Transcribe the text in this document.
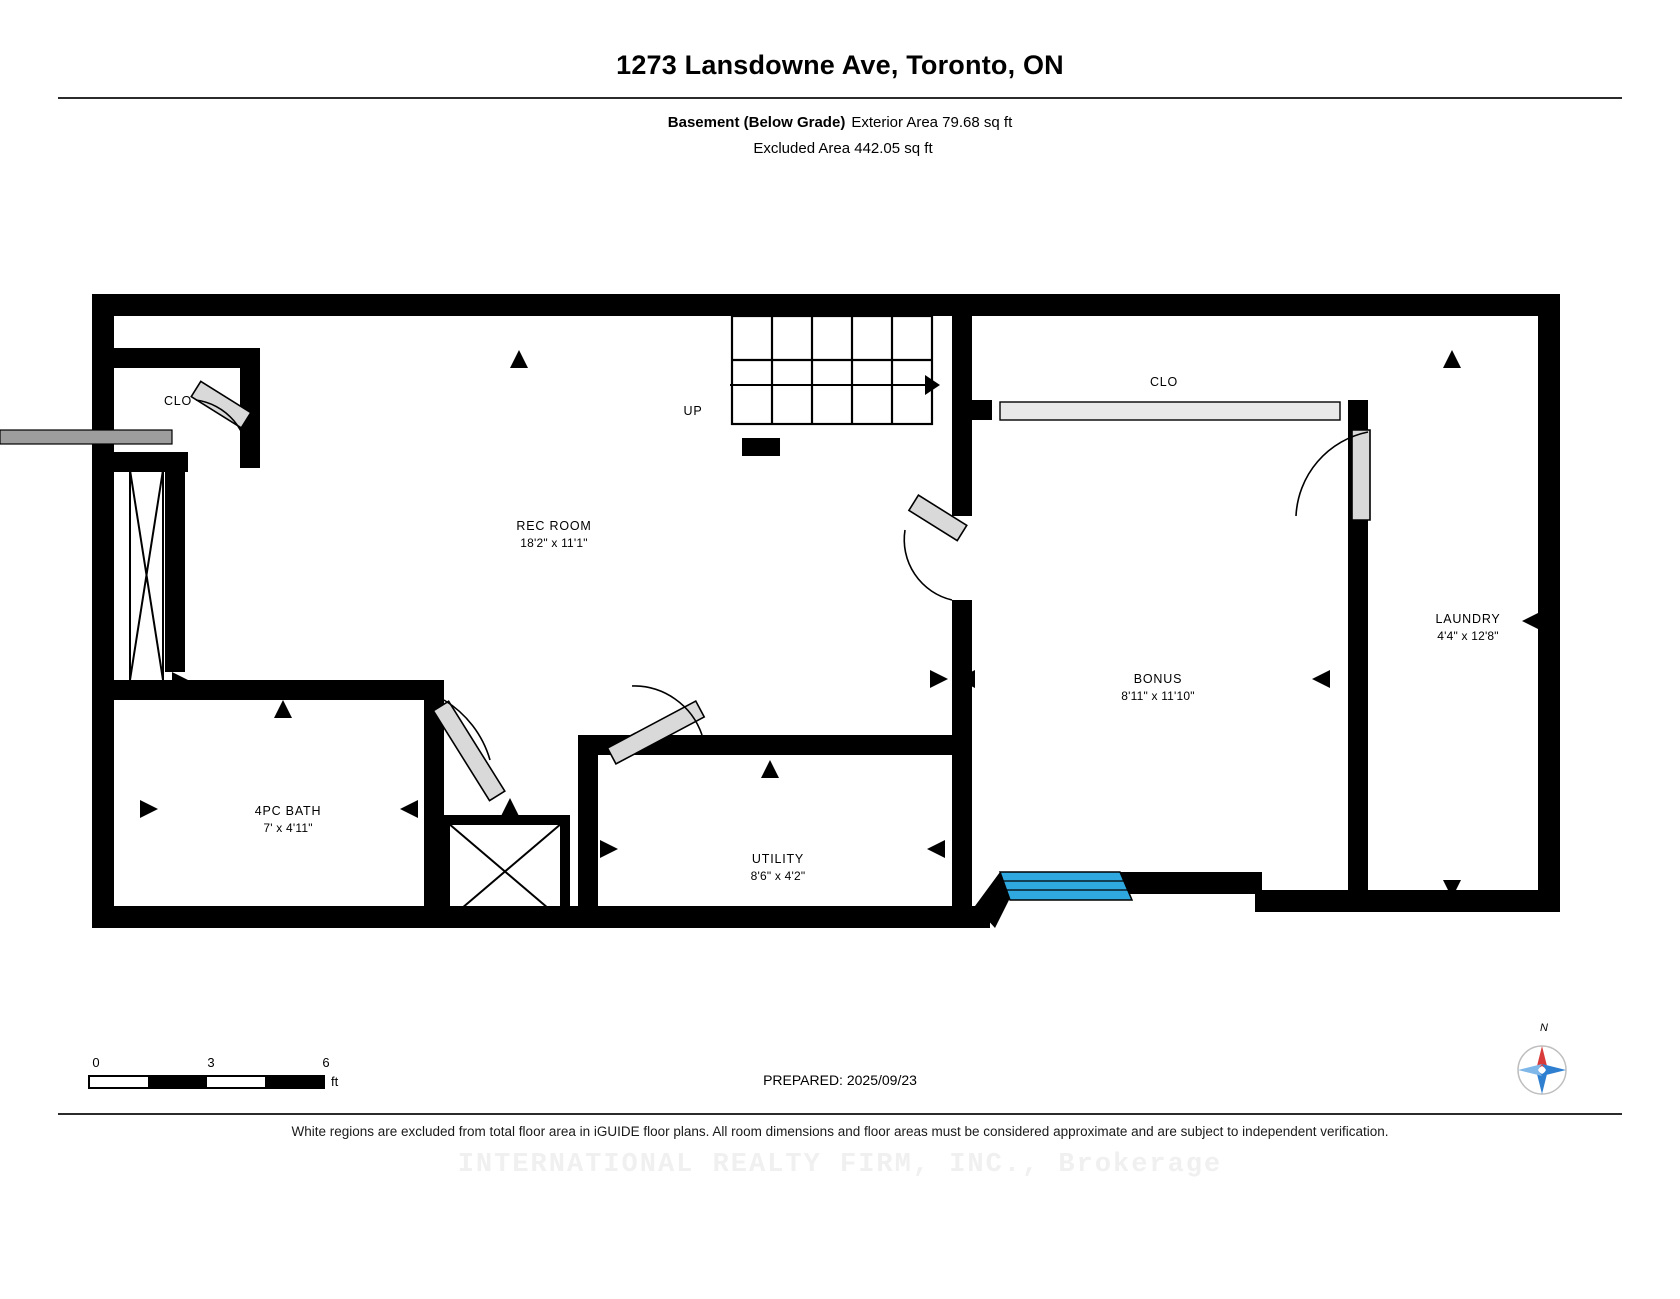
1273 Lansdowne Ave, Toronto, ON
Basement (Below Grade) Exterior Area 79.68 sq ft
Excluded Area 442.05 sq ft
REC ROOM
18'2" x 11'1"
BONUS
8'11" x 11'10"
LAUNDRY
4'4" x 12'8"
UTILITY
8'6" x 4'2"
4PC BATH
7' x 4'11"
CLO
CLO
UP
0	3	6
ft	PREPARED: 2025/09/23
N
White regions are excluded from total floor area in iGUIDE floor plans. All room dimensions and floor areas must be considered approximate and are subject to independent verification.
INTERNATIONAL REALTY FIRM, INC., Brokerage
